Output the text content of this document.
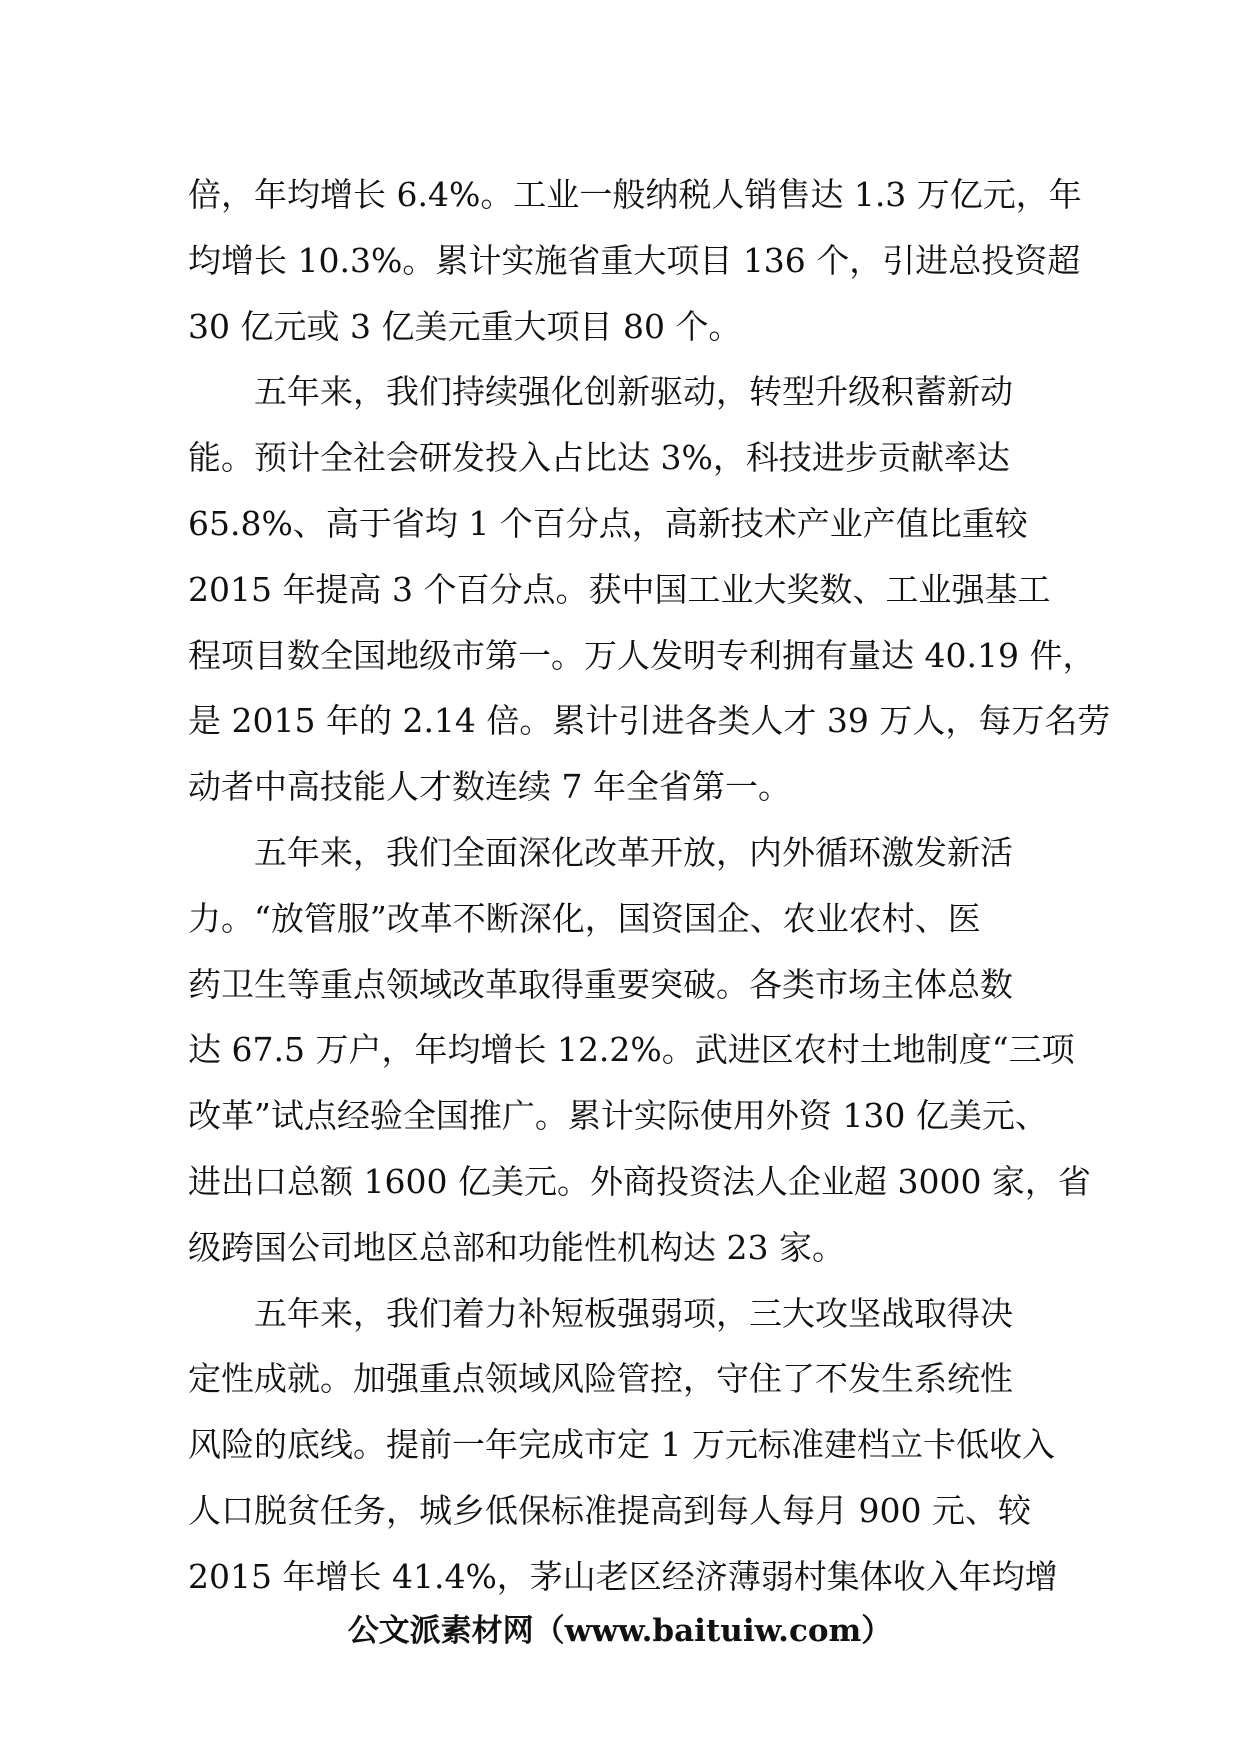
倍，年均增长 6.4%。工业一般纳税人销售达 1.3 万亿元，年
均增长 10.3%。累计实施省重大项目 136 个，引进总投资超
30 亿元或 3 亿美元重大项目 80 个。
五年来，我们持续强化创新驱动，转型升级积蓄新动
能。预计全社会研发投入占比达 3%，科技进步贡献率达
65.8%、高于省均 1 个百分点，高新技术产业产值比重较
2015 年提高 3 个百分点。获中国工业大奖数、工业强基工
程项目数全国地级市第一。万人发明专利拥有量达 40.19 件，
是 2015 年的 2.14 倍。累计引进各类人才 39 万人，每万名劳
动者中高技能人才数连续 7 年全省第一。
五年来，我们全面深化改革开放，内外循环激发新活
力。“放管服”改革不断深化，国资国企、农业农村、医
药卫生等重点领域改革取得重要突破。各类市场主体总数
达 67.5 万户，年均增长 12.2%。武进区农村土地制度“三项
改革”试点经验全国推广。累计实际使用外资 130 亿美元、
进出口总额 1600 亿美元。外商投资法人企业超 3000 家，省
级跨国公司地区总部和功能性机构达 23 家。
五年来，我们着力补短板强弱项，三大攻坚战取得决
定性成就。加强重点领域风险管控，守住了不发生系统性
风险的底线。提前一年完成市定 1 万元标准建档立卡低收入
人口脱贫任务，城乡低保标准提高到每人每月 900 元、较
2015 年增长 41.4%，茅山老区经济薄弱村集体收入年均增
公文派素材网（www.baituiw.com）
